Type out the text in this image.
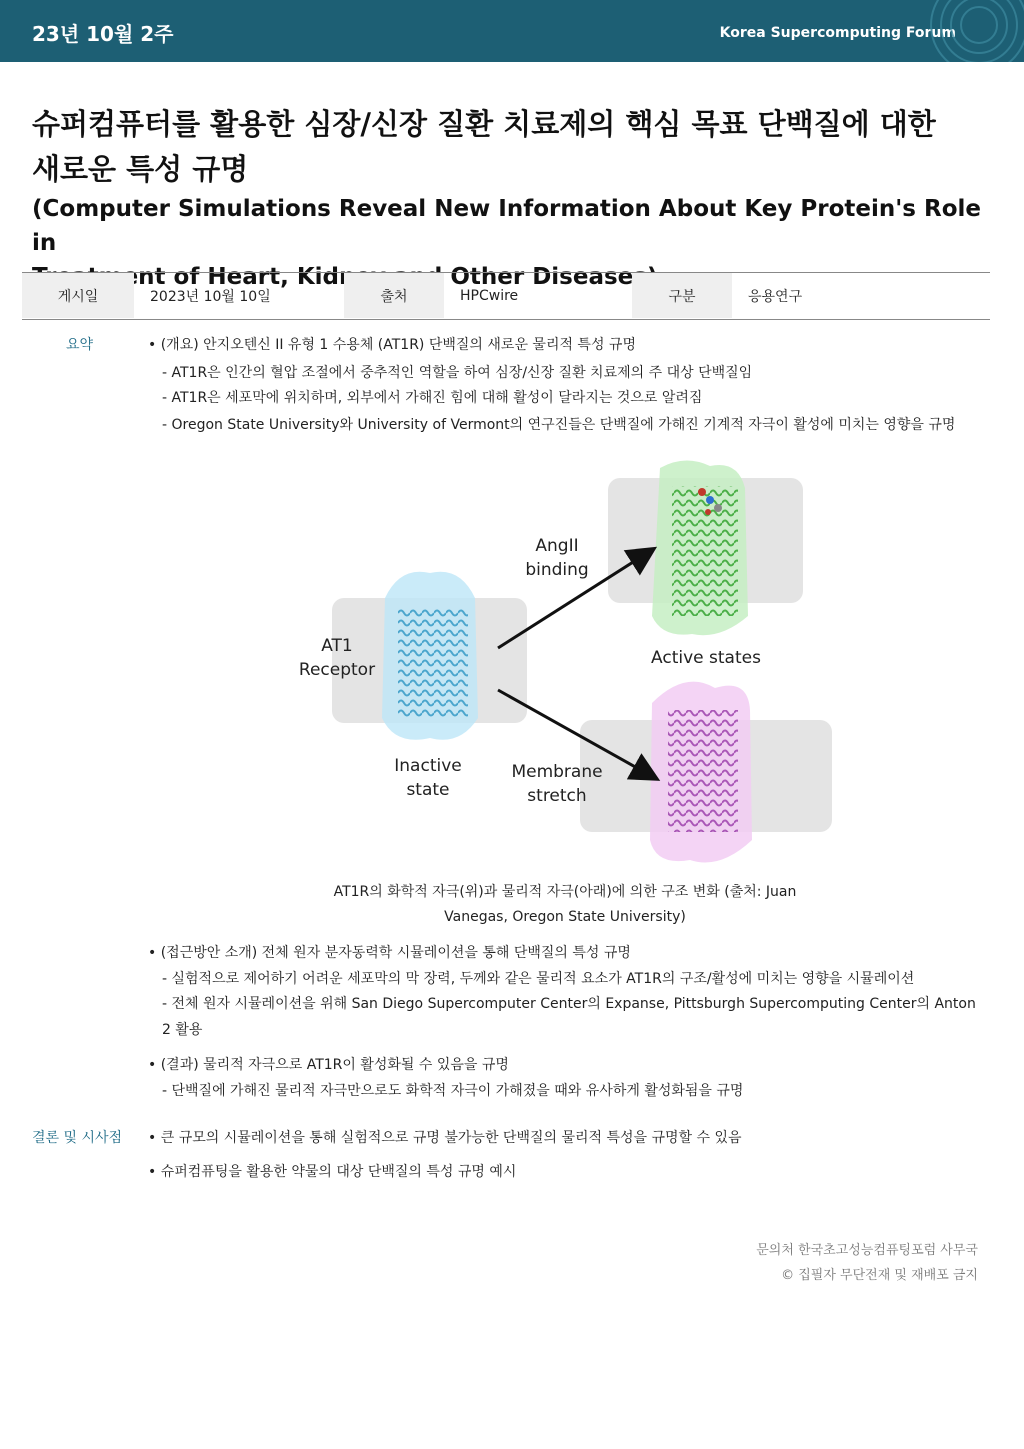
23년 10월 2주	Korea Supercomputing Forum
슈퍼컴퓨터를 활용한 심장/신장 질환 치료제의 핵심 목표 단백질에 대한
새로운 특성 규명
(Computer Simulations Reveal New Information About Key Protein's Role in
of Heart, Kidney Other Diseases)
게시일	2023년 10월 10일	출처	HPCwire	구분	응용연구
요약	• (개요) 안지오텐신 II 유형 1 수용체 (AT1R) 단백질의 새로운 물리적 특성 규명
- AT1R은 인간의 혈압 조절에서 중추적인 역할을 하여 심장/신장 질환 치료제의 주 대상 단백질임
- AT1R은 세포막에 위치하며, 외부에서 가해진 힘에 대해 활성이 달라지는 것으로 알려짐
- Oregon State University와 University of Vermont의 연구진들은 단백질에 가해진 기계적 자극이 활성에 미치는 영향을 규명
AT1
Receptor
Inactive
state
AngII
binding
Active states
Membrane
stretch
AT1R의 화학적 자극(위)과 물리적 자극(아래)에 의한 구조 변화 (출처: Juan Vanegas, Oregon State University)
• (접근방안 소개) 전체 원자 분자동력학 시뮬레이션을 통해 단백질의 특성 규명
- 실험적으로 제어하기 어려운 세포막의 막 장력, 두께와 같은 물리적 요소가 AT1R의 구조/활성에 미치는 영향을 시뮬레이션
- 전체 원자 시뮬레이션을 위해 San Diego Supercomputer Center의 Expanse, Pittsburgh Supercomputing Center의 Anton 2 활용
• (결과) 물리적 자극으로 AT1R이 활성화될 수 있음을 규명
- 단백질에 가해진 물리적 자극만으로도 화학적 자극이 가해졌을 때와 유사하게 활성화됨을 규명
결론 및 시사점 • 큰 규모의 시뮬레이션을 통해 실험적으로 규명 불가능한 단백질의 물리적 특성을 규명할 수 있음
• 슈퍼컴퓨팅을 활용한 약물의 대상 단백질의 특성 규명 예시
문의처 한국초고성능컴퓨팅포럼 사무국
© 집필자 무단전재 및 재배포 금지
